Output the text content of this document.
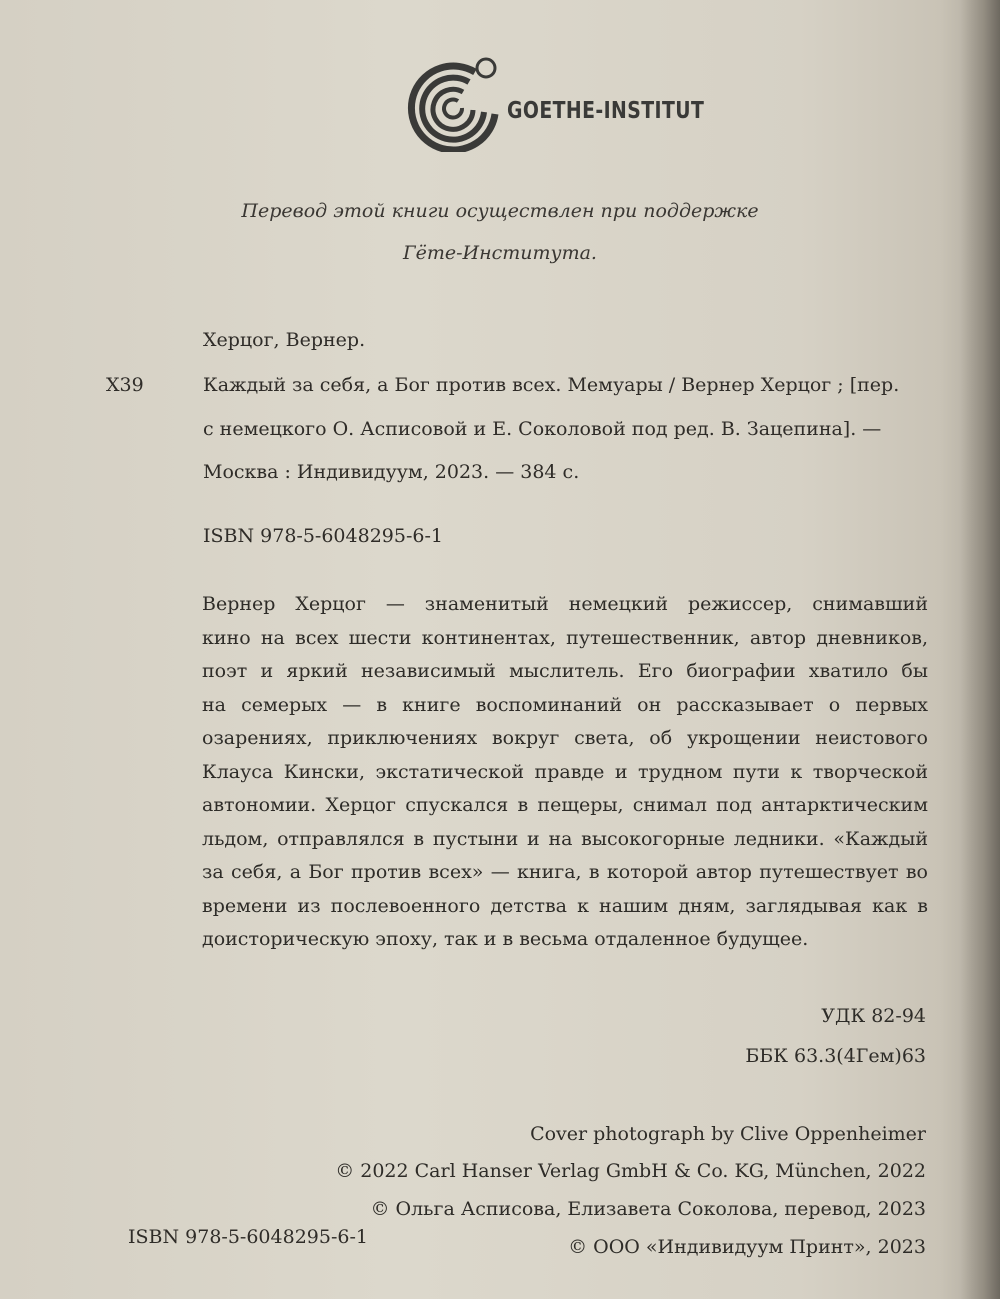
GOETHE-INSTITUT
Перевод этой книги осуществлен при поддержке
Гёте-Института.
Херцог, Вернер.
Х39	Каждый за себя, а Бог против всех. Мемуары / Вернер Херцог ; [пер.
с немецкого О. Асписовой и Е. Соколовой под ред. В. Зацепина]. —
Москва : Индивидуум, 2023. — 384 с.
ISBN 978-5-6048295-6-1
Вернер Херцог — знаменитый немецкий режиссер, снимавший
кино на всех шести континентах, путешественник, автор дневников,
поэт и яркий независимый мыслитель. Его биографии хватило бы
на семерых — в книге воспоминаний он рассказывает о первых
озарениях, приключениях вокруг света, об укрощении неистового
Клауса Кински, экстатической правде и трудном пути к творческой
автономии. Херцог спускался в пещеры, снимал под антарктическим
льдом, отправлялся в пустыни и на высокогорные ледники. «Каждый
за себя, а Бог против всех» — книга, в которой автор путешествует во
времени из послевоенного детства к нашим дням, заглядывая как в
доисторическую эпоху, так и в весьма отдаленное будущее.
УДК 82-94
ББК 63.3(4Гем)63
Cover photograph by Clive Oppenheimer
© 2022 Carl Hanser Verlag GmbH & Co. KG, München, 2022
© Ольга Асписова, Елизавета Соколова, перевод, 2023
© ООО «Индивидуум Принт», 2023
ISBN 978-5-6048295-6-1
